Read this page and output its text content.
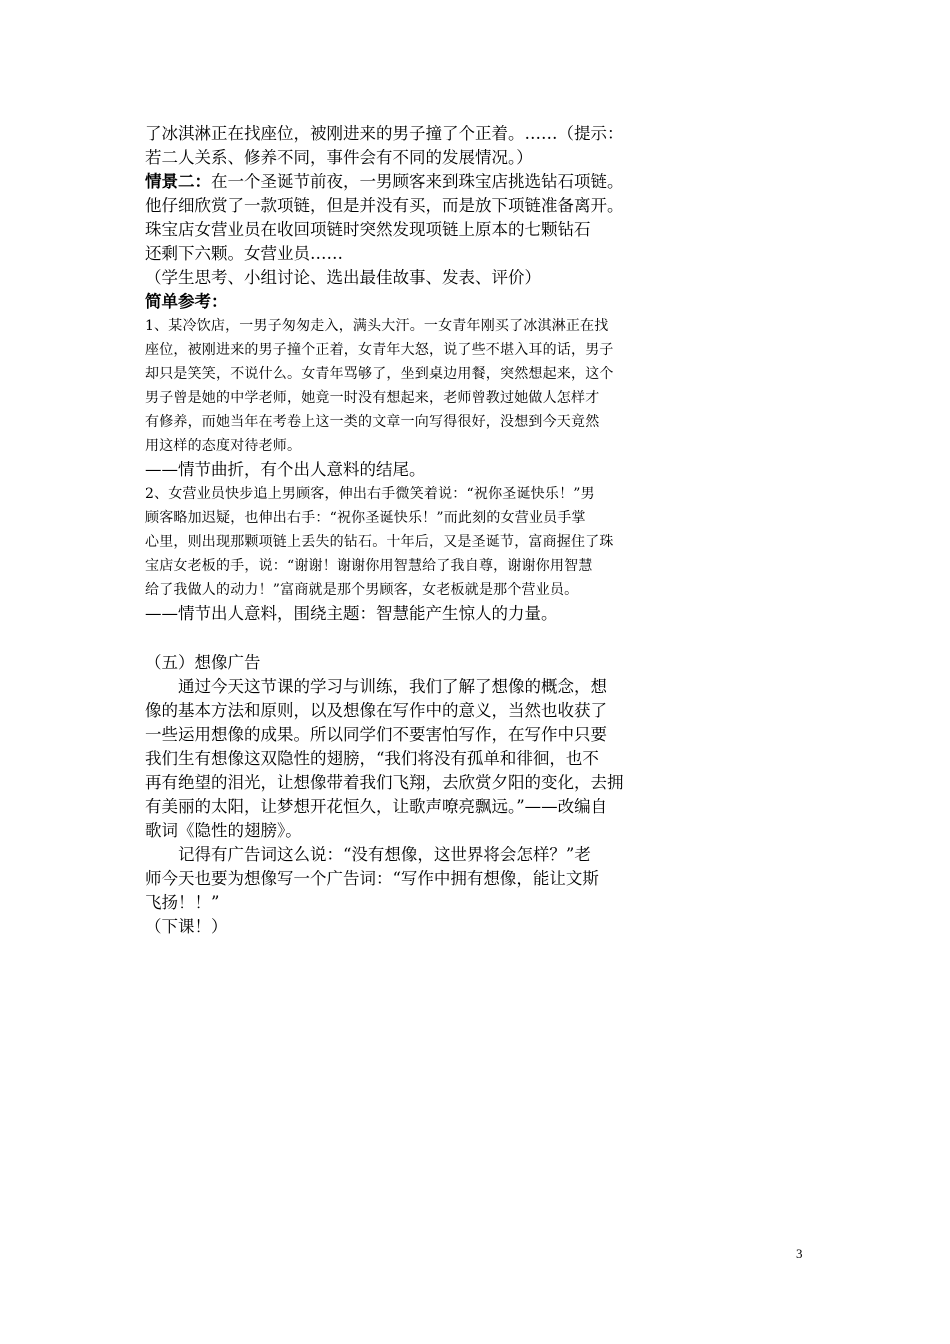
了冰淇淋正在找座位，被刚进来的男子撞了个正着。……（提示：

若二人关系、修养不同，事件会有不同的发展情况。）

情景二：在一个圣诞节前夜，一男顾客来到珠宝店挑选钻石项链。

他仔细欣赏了一款项链，但是并没有买，而是放下项链准备离开。

珠宝店女营业员在收回项链时突然发现项链上原本的七颗钻石

还剩下六颗。女营业员……

（学生思考、小组讨论、选出最佳故事、发表、评价）

简单参考：

1、某冷饮店，一男子匆匆走入，满头大汗。一女青年刚买了冰淇淋正在找

座位，被刚进来的男子撞个正着，女青年大怒，说了些不堪入耳的话，男子

却只是笑笑，不说什么。女青年骂够了，坐到桌边用餐，突然想起来，这个

男子曾是她的中学老师，她竟一时没有想起来，老师曾教过她做人怎样才

有修养，而她当年在考卷上这一类的文章一向写得很好，没想到今天竟然

用这样的态度对待老师。

——情节曲折，有个出人意料的结尾。

2、女营业员快步追上男顾客，伸出右手微笑着说：“祝你圣诞快乐！”男

顾客略加迟疑，也伸出右手：“祝你圣诞快乐！”而此刻的女营业员手掌

心里，则出现那颗项链上丢失的钻石。十年后，又是圣诞节，富商握住了珠

宝店女老板的手，说：“谢谢！谢谢你用智慧给了我自尊，谢谢你用智慧

给了我做人的动力！”富商就是那个男顾客，女老板就是那个营业员。

——情节出人意料，围绕主题：智慧能产生惊人的力量。

（五）想像广告

通过今天这节课的学习与训练，我们了解了想像的概念，想

像的基本方法和原则，以及想像在写作中的意义，当然也收获了

一些运用想像的成果。所以同学们不要害怕写作，在写作中只要

我们生有想像这双隐性的翅膀，“我们将没有孤单和徘徊，也不

再有绝望的泪光，让想像带着我们飞翔，去欣赏夕阳的变化，去拥

有美丽的太阳，让梦想开花恒久，让歌声嘹亮飘远。”——改编自

歌词《隐性的翅膀》。

记得有广告词这么说：“没有想像，这世界将会怎样？”老

师今天也要为想像写一个广告词：“写作中拥有想像，能让文斯

飞扬！！”

（下课！）

3
